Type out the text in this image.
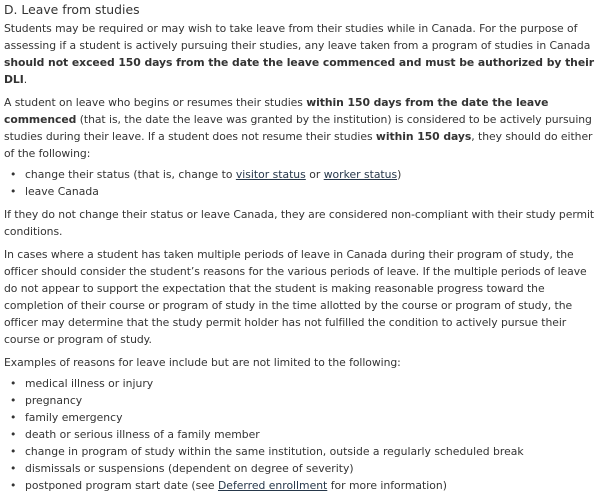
D. Leave from studies

Students may be required or may wish to take leave from their studies while in Canada. For the purpose of assessing if a student is actively pursuing their studies, any leave taken from a program of studies in Canada should not exceed 150 days from the date the leave commenced and must be authorized by their DLI.

A student on leave who begins or resumes their studies within 150 days from the date the leave commenced (that is, the date the leave was granted by the institution) is considered to be actively pursuing studies during their leave. If a student does not resume their studies within 150 days, they should do either of the following:

• change their status (that is, change to visitor status or worker status)
• leave Canada

If they do not change their status or leave Canada, they are considered non-compliant with their study permit conditions.

In cases where a student has taken multiple periods of leave in Canada during their program of study, the officer should consider the student’s reasons for the various periods of leave. If the multiple periods of leave do not appear to support the expectation that the student is making reasonable progress toward the completion of their course or program of study in the time allotted by the course or program of study, the officer may determine that the study permit holder has not fulfilled the condition to actively pursue their course or program of study.

Examples of reasons for leave include but are not limited to the following:

• medical illness or injury
• pregnancy
• family emergency
• death or serious illness of a family member
• change in program of study within the same institution, outside a regularly scheduled break
• dismissals or suspensions (dependent on degree of severity)
• postponed program start date (see Deferred enrollment for more information)
